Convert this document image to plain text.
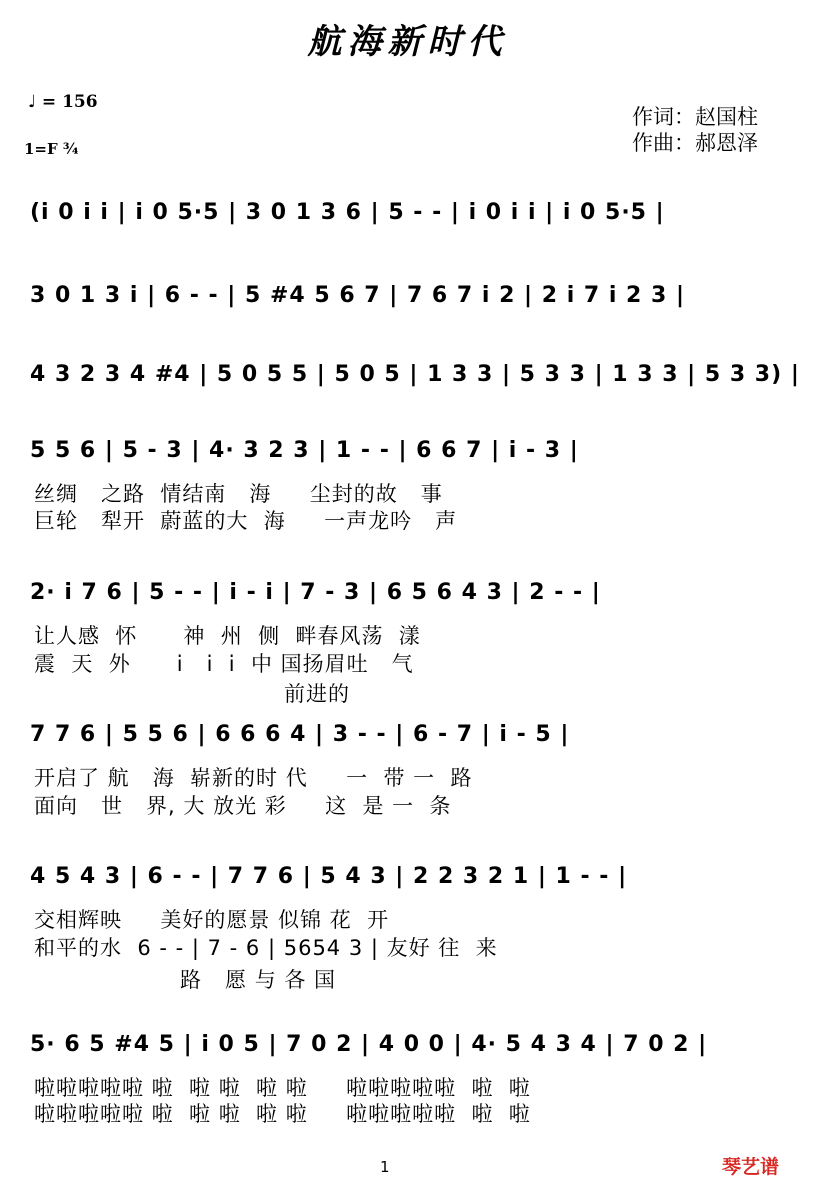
航海新时代
♩ = 156
1=F ¾
作词：赵国柱
作曲：郝恩泽
(i 0 i i | i 0 5·5 | 3 0 1 3 6 | 5 - - | i 0 i i | i 0 5·5 |
3 0 1 3 i | 6 - - | 5 #4 5 6 7 | 7 6 7 i 2 | 2 i 7 i 2 3 |
4 3 2 3 4 #4 | 5 0 5 5 | 5 0 5 | 1 3 3 | 5 3 3 | 1 3 3 | 5 3 3) |
5 5 6 | 5 - 3 | 4· 3 2 3 | 1 - - | 6 6 7 | i - 3 |
丝绸   之路  情结南   海     尘封的故   事
巨轮   犁开  蔚蓝的大  海     一声龙吟   声
2· i 7 6 | 5 - - | i - i | 7 - 3 | 6 5 6 4 3 | 2 - - |
让人感  怀      神  州  侧  畔春风荡  漾
震  天  外      i   i  i  中 国扬眉吐   气
前进的
7 7 6 | 5 5 6 | 6 6 6 4 | 3 - - | 6 - 7 | i - 5 |
开启了 航   海  崭新的时 代     一  带 一  路
面向   世   界, 大 放光 彩     这  是 一  条
4 5 4 3 | 6 - - | 7 7 6 | 5 4 3 | 2 2 3 2 1 | 1 - - |
交相辉映     美好的愿景 似锦 花  开
和平的水  6 - - | 7 - 6 | 5654 3 | 友好 往  来
路   愿 与 各 国
5· 6 5 #4 5 | i 0 5 | 7 0 2 | 4 0 0 | 4· 5 4 3 4 | 7 0 2 |
啦啦啦啦啦 啦  啦 啦  啦 啦     啦啦啦啦啦  啦  啦
啦啦啦啦啦 啦  啦 啦  啦 啦     啦啦啦啦啦  啦  啦
1	琴艺谱
